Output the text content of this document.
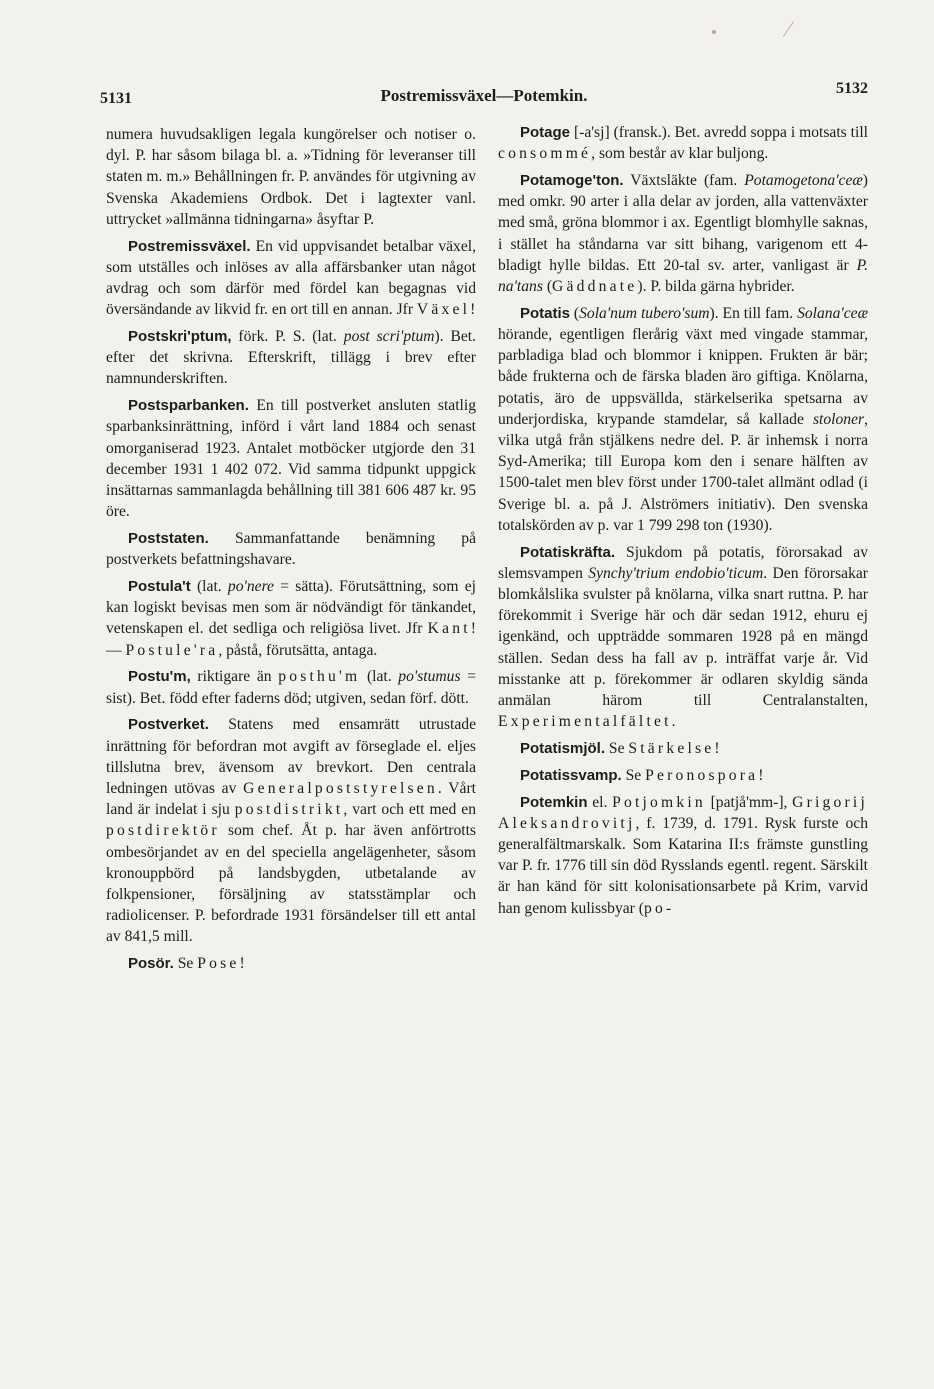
5131	Postremissväxel—Potemkin.	5132

numera huvudsakligen legala kungörelser och notiser o. dyl. P. har såsom bilaga bl. a. »Tidning för leveranser till staten m. m.» Behållningen fr. P. användes för utgivning av Svenska Akademiens Ordbok. Det i lagtexter vanl. uttrycket »allmänna tidningarna» åsyftar P.

Postremissväxel. En vid uppvisandet betalbar växel, som utställes och inlöses av alla affärsbanker utan något avdrag och som därför med fördel kan begagnas vid översändande av likvid fr. en ort till en annan. Jfr Växel!

Postskri'ptum, förk. P. S. (lat. post scri'ptum). Bet. efter det skrivna. Efterskrift, tillägg i brev efter namnunderskriften.

Postsparbanken. En till postverket ansluten statlig sparbanksinrättning, införd i vårt land 1884 och senast omorganiserad 1923. Antalet motböcker utgjorde den 31 december 1931 1 402 072. Vid samma tidpunkt uppgick insättarnas sammanlagda behållning till 381 606 487 kr. 95 öre.

Poststaten. Sammanfattande benämning på postverkets befattningshavare.

Postula't (lat. po'nere = sätta). Förutsättning, som ej kan logiskt bevisas men som är nödvändigt för tänkandet, vetenskapen el. det sedliga och religiösa livet. Jfr Kant! — Postule'ra, påstå, förutsätta, antaga.

Postu'm, riktigare än posthu'm (lat. po'stumus = sist). Bet. född efter faderns död; utgiven, sedan förf. dött.

Postverket. Statens med ensamrätt utrustade inrättning för befordran mot avgift av förseglade el. eljes tillslutna brev, ävensom av brevkort. Den centrala ledningen utövas av Generalpoststyrelsen. Vårt land är indelat i sju postdistrikt, vart och ett med en postdirektör som chef. Åt p. har även anförtrotts ombesörjandet av en del speciella angelägenheter, såsom kronouppbörd på landsbygden, utbetalande av folkpensioner, försäljning av statsstämplar och radiolicenser. P. befordrade 1931 försändelser till ett antal av 841,5 mill.

Posör. Se Pose!

Potage [-a'sj] (fransk.). Bet. avredd soppa i motsats till consommé, som består av klar buljong.

Potamoge'ton. Växtsläkte (fam. Potamogetona'ceæ) med omkr. 90 arter i alla delar av jorden, alla vattenväxter med små, gröna blommor i ax. Egentligt blomhylle saknas, i stället ha ståndarna var sitt bihang, varigenom ett 4-bladigt hylle bildas. Ett 20-tal sv. arter, vanligast är P. na'tans (Gäddnate). P. bilda gärna hybrider.

Potatis (Sola'num tubero'sum). En till fam. Solana'ceæ hörande, egentligen flerårig växt med vingade stammar, parbladiga blad och blommor i knippen. Frukten är bär; både frukterna och de färska bladen äro giftiga. Knölarna, potatis, äro de uppsvällda, stärkelserika spetsarna av underjordiska, krypande stamdelar, så kallade stoloner, vilka utgå från stjälkens nedre del. P. är inhemsk i norra Syd-Amerika; till Europa kom den i senare hälften av 1500-talet men blev först under 1700-talet allmänt odlad (i Sverige bl. a. på J. Alströmers initiativ). Den svenska totalskörden av p. var 1 799 298 ton (1930).

Potatiskräfta. Sjukdom på potatis, förorsakad av slemsvampen Synchy'trium endobio'ticum. Den förorsakar blomkålslika svulster på knölarna, vilka snart ruttna. P. har förekommit i Sverige här och där sedan 1912, ehuru ej igenkänd, och uppträdde sommaren 1928 på en mängd ställen. Sedan dess ha fall av p. inträffat varje år. Vid misstanke att p. förekommer är odlaren skyldig sända anmälan härom till Centralanstalten, Experimentalfältet.

Potatismjöl. Se Stärkelse!

Potatissvamp. Se Peronospora!

Potemkin el. Potjomkin [patjå'mm-], Grigorij Aleksandrovitj, f. 1739, d. 1791. Rysk furste och generalfältmarskalk. Som Katarina II:s främste gunstling var P. fr. 1776 till sin död Rysslands egentl. regent. Särskilt är han känd för sitt kolonisationsarbete på Krim, varvid han genom kulissbyar (po-
